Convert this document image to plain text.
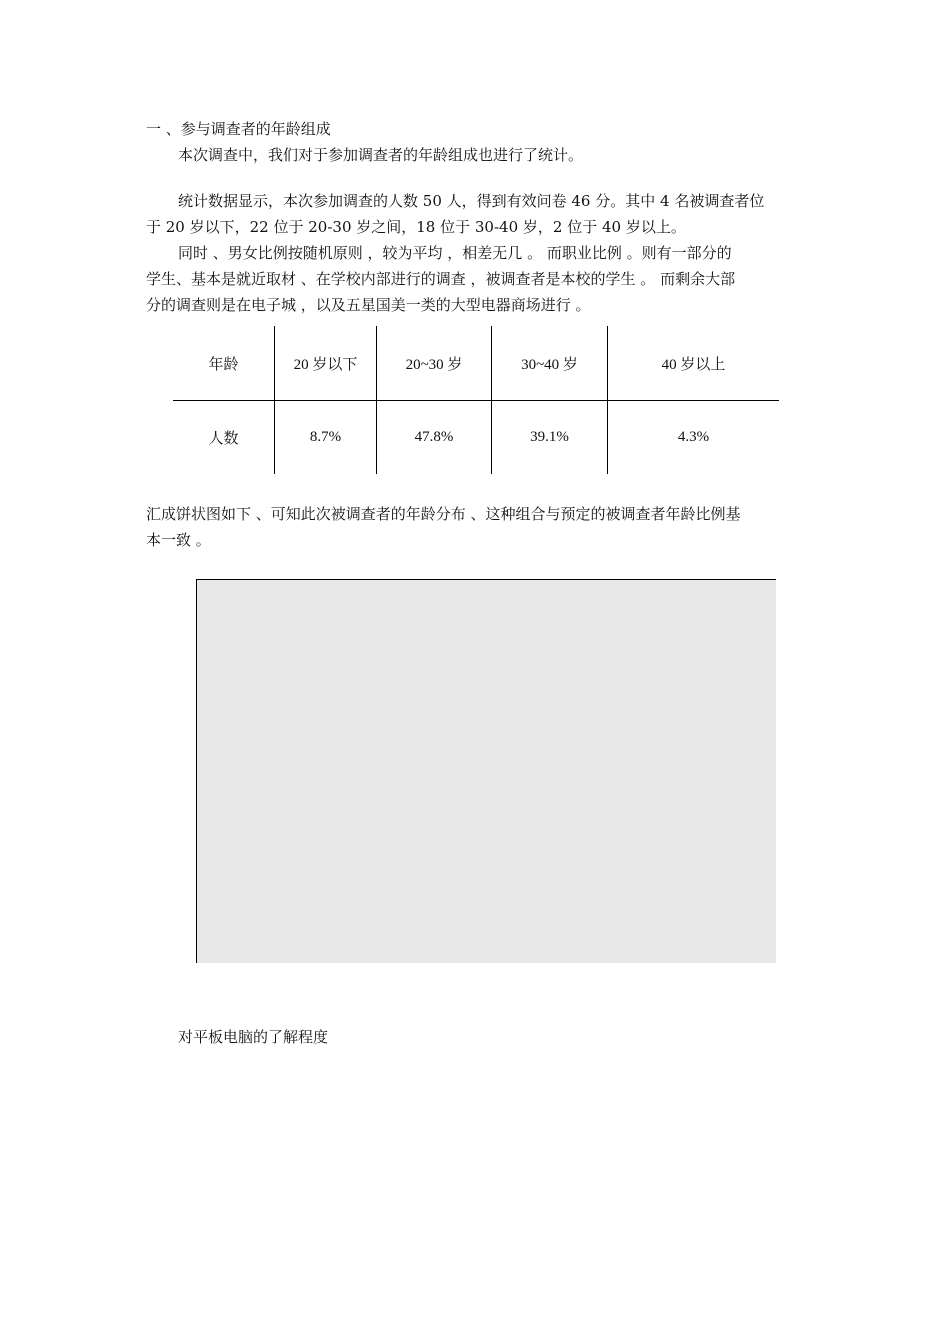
一 、参与调查者的年龄组成
本次调查中，我们对于参加调查者的年龄组成也进行了统计。
统计数据显示，本次参加调查的人数 50 人，得到有效问卷 46 分。其中 4 名被调查者位
于 20 岁以下，22 位于 20-30 岁之间，18 位于 30-40 岁，2 位于 40 岁以上。
同时 、男女比例按随机原则 ，较为平均 ，相差无几 。 而职业比例 。则有一部分的
学生、基本是就近取材 、在学校内部进行的调查 ，被调查者是本校的学生 。 而剩余大部
分的调查则是在电子城 ，以及五星国美一类的大型电器商场进行 。
年龄	20 岁以下	20~30 岁	30~40 岁	40 岁以上
人数	8.7%	47.8%	39.1%	4.3%
汇成饼状图如下 、可知此次被调查者的年龄分布 、这种组合与预定的被调查者年龄比例基
本一致 。
对平板电脑的了解程度
